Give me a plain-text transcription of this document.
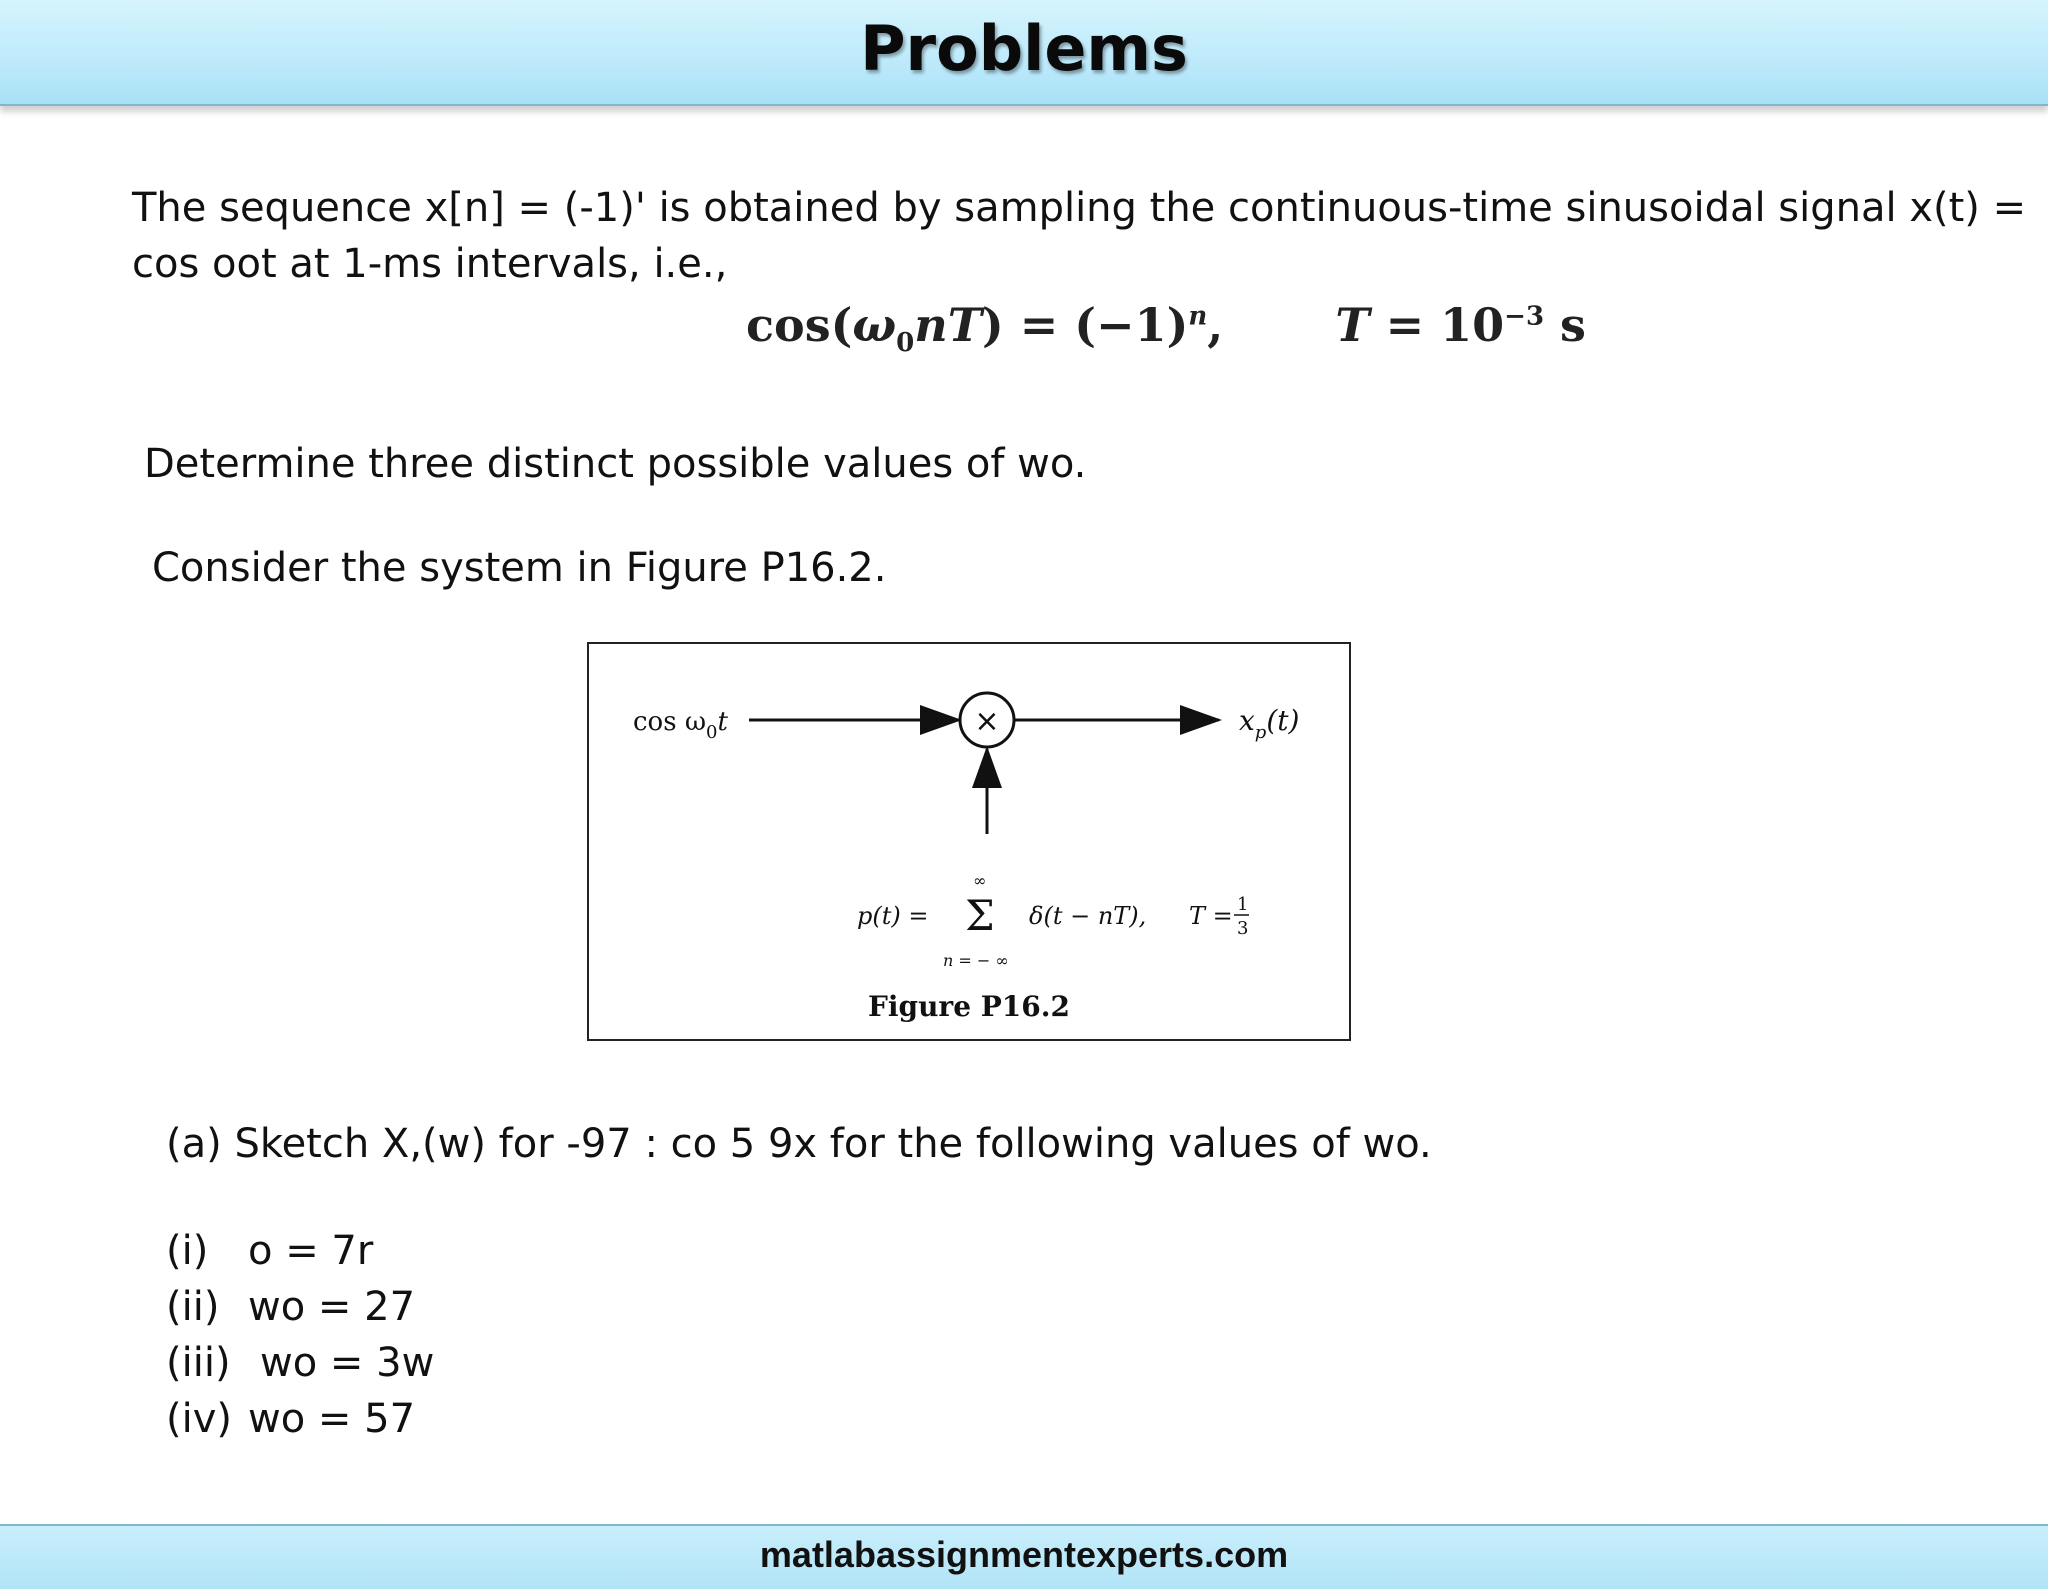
Problems
The sequence x[n] = (-1)' is obtained by sampling the continuous-time sinusoidal signal x(t) =
cos oot at 1-ms intervals, i.e.,
$\cos(\omega_0nT) = (-1)^n$, $T = 10^{-3}$ s
Determine three distinct possible values of wo.
Consider the system in Figure P16.2.
$\cos \omega_0t$	×	$x_p(t)$
p(t) =
∞
Σ
n = − ∞
δ(t − nT), T = 1
3
Figure P16.2
(a) Sketch X,(w) for -97 : co 5 9x for the following values of wo.
(i) o = 7r
(ii) wo = 27
(iii) wo = 3w
(iv) wo = 57
matlabassignmentexperts.com
